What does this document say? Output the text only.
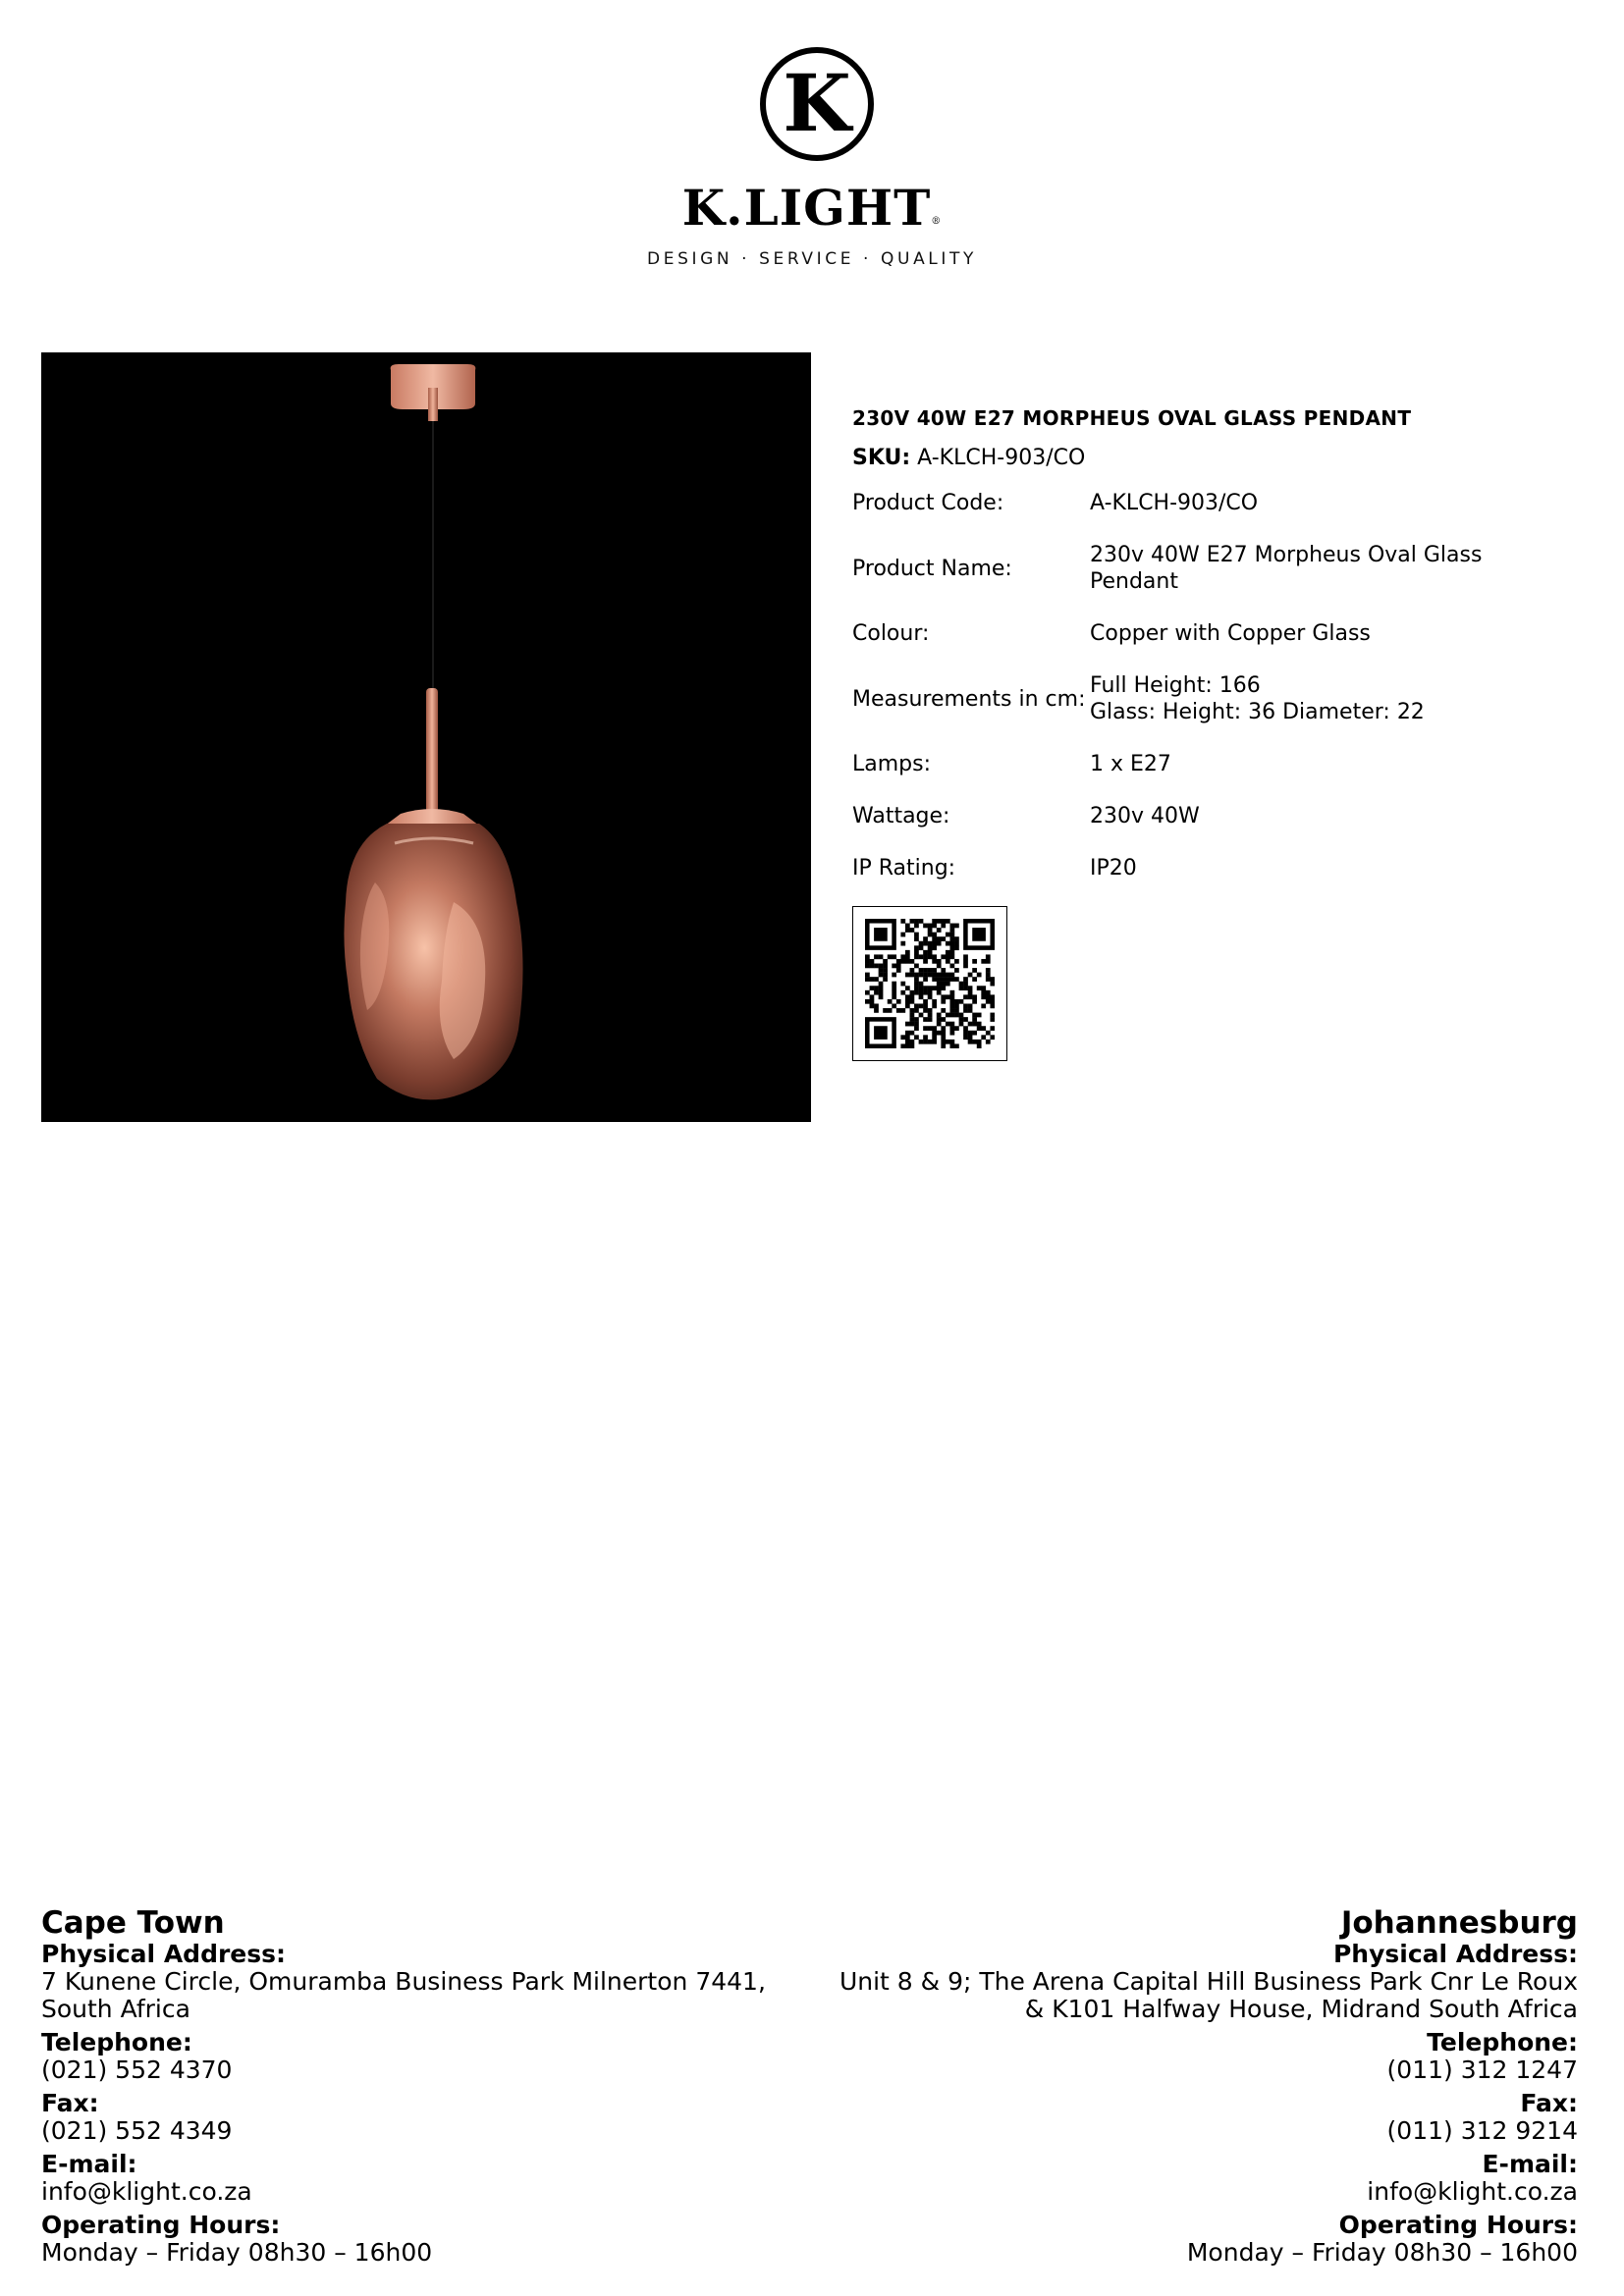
K
K.LIGHT®
DESIGN · SERVICE · QUALITY

230V 40W E27 MORPHEUS OVAL GLASS PENDANT

SKU: A-KLCH-903/CO
Product Code:	A-KLCH-903/CO
Product Name:	230v 40W E27 Morpheus Oval Glass Pendant
Colour:	Copper with Copper Glass
Measurements in cm:	Full Height: 166
Glass: Height: 36 Diameter: 22

Lamps:	1 x E27
Wattage:	230v 40W
IP Rating:	IP20
Cape Town
Physical Address:
7 Kunene Circle, Omuramba Business Park Milnerton 7441,
South Africa
Telephone:
(021) 552 4370
Fax:
(021) 552 4349
E-mail:
info@klight.co.za
Operating Hours:
Monday – Friday 08h30 – 16h00
Johannesburg
Physical Address:
Unit 8 & 9; The Arena Capital Hill Business Park Cnr Le Roux
& K101 Halfway House, Midrand South Africa
Telephone:
(011) 312 1247
Fax:
(011) 312 9214
E-mail:
info@klight.co.za
Operating Hours:
Monday – Friday 08h30 – 16h00
